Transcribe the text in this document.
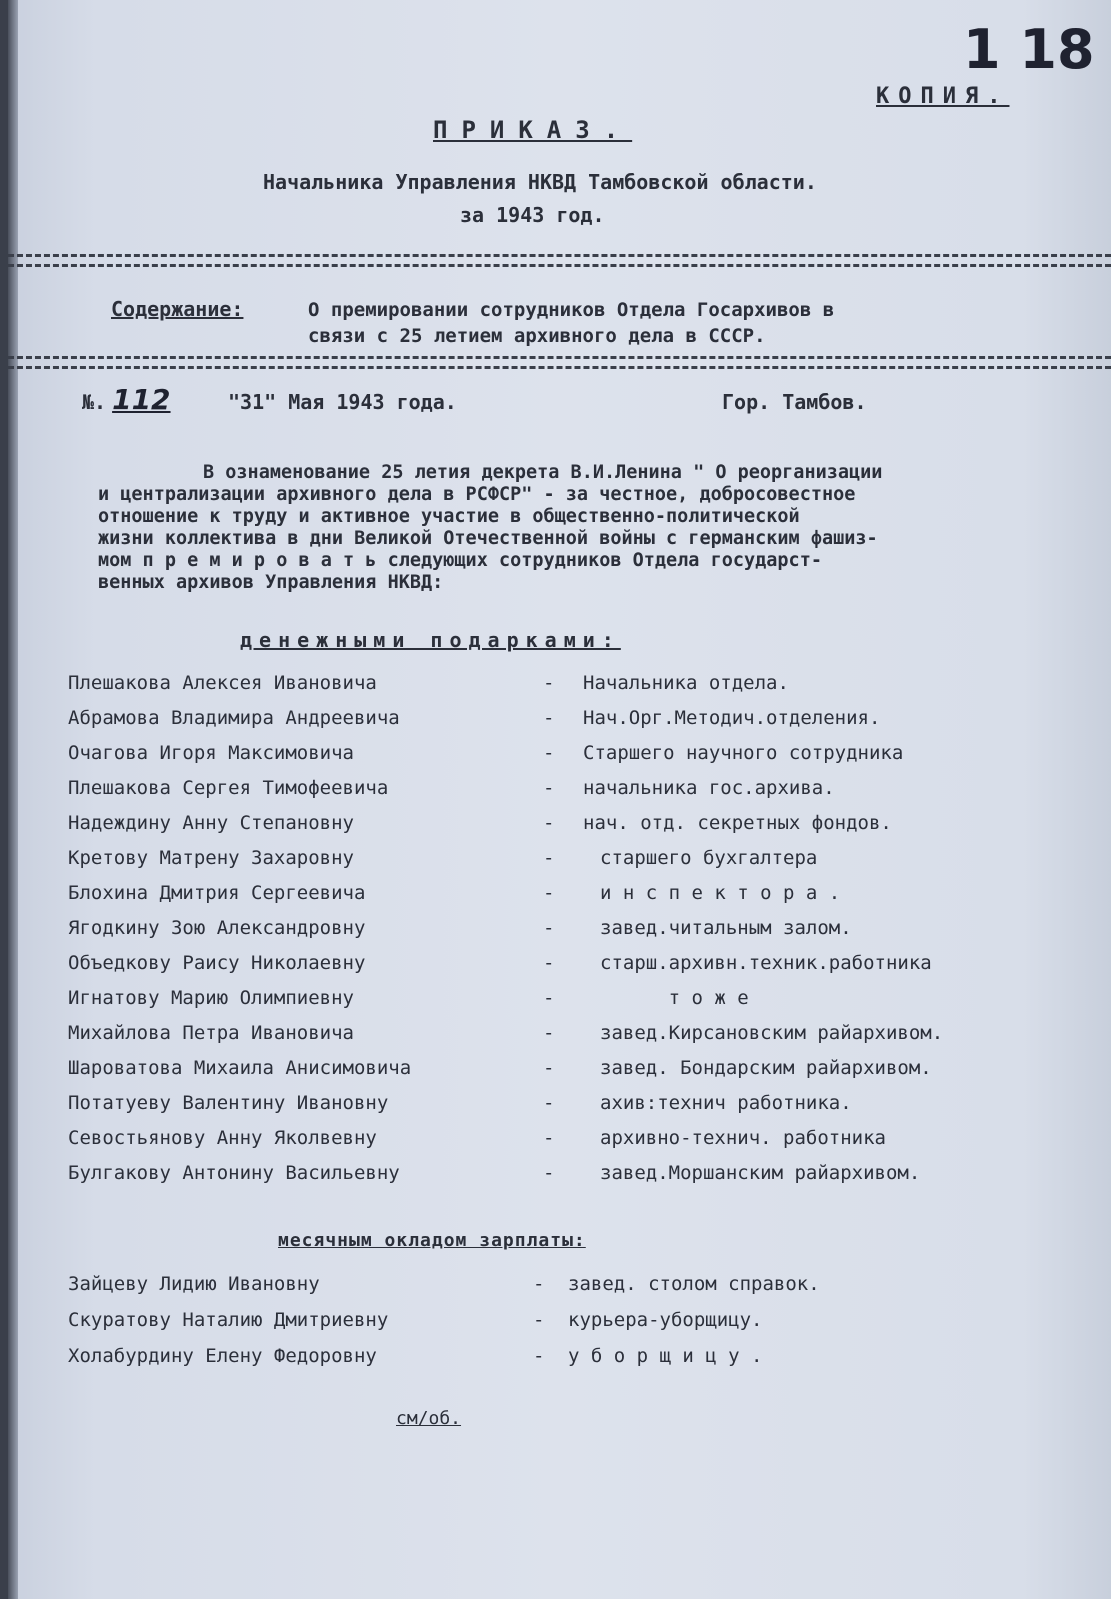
1 18
КОПИЯ.
ПРИКАЗ.
Начальника Управления НКВД Тамбовской области.
за 1943 год.
Содержание:	О премировании сотрудников Отдела Госархивов в
связи с 25 летием архивного дела в СССР.
№. 112	"31" Мая 1943 года.	Гор. Тамбов.
В ознаменование 25 летия декрета В.И.Ленина " О реорганизации
и централизации архивного дела в РСФСР" - за честное, добросовестное
отношение к труду и активное участие в общественно-политической
жизни коллектива в дни Великой Отечественной войны с германским фашиз-
мом п р е м и р о в а т ь следующих сотрудников Отдела государст-
венных архивов Управления НКВД:
денежными подарками:
Плешакова Алексея Ивановича	- Начальника отдела.
Абрамова Владимира Андреевича	- Нач.Орг.Методич.отделения.
Очагова Игоря Максимовича	- Старшего научного сотрудника
Плешакова Сергея Тимофеевича	- начальника гос.архива.
Надеждину Анну Степановну	- нач. отд. секретных фондов.
Кретову Матрену Захаровну	- старшего бухгалтера
Блохина Дмитрия Сергеевича	- и н с п е к т о р а .
Ягодкину Зою Александровну	- завед.читальным залом.
Объедкову Раису Николаевну	- старш.архивн.техник.работника
Игнатову Марию Олимпиевну	- т о ж е
Михайлова Петра Ивановича	- завед.Кирсановским райархивом.
Шароватова Михаила Анисимовича	- завед. Бондарским райархивом.
Потатуеву Валентину Ивановну	- ахив:технич работника.
Севостьянову Анну Яколвевну	- архивно-технич. работника
Булгакову Антонину Васильевну	- завед.Моршанским райархивом.
месячным окладом зарплаты:
Зайцеву Лидию Ивановну	- завед. столом справок.
Скуратову Наталию Дмитриевну	- курьера-уборщицу.
Холабурдину Елену Федоровну	- у б о р щ и ц у .
см/об.
